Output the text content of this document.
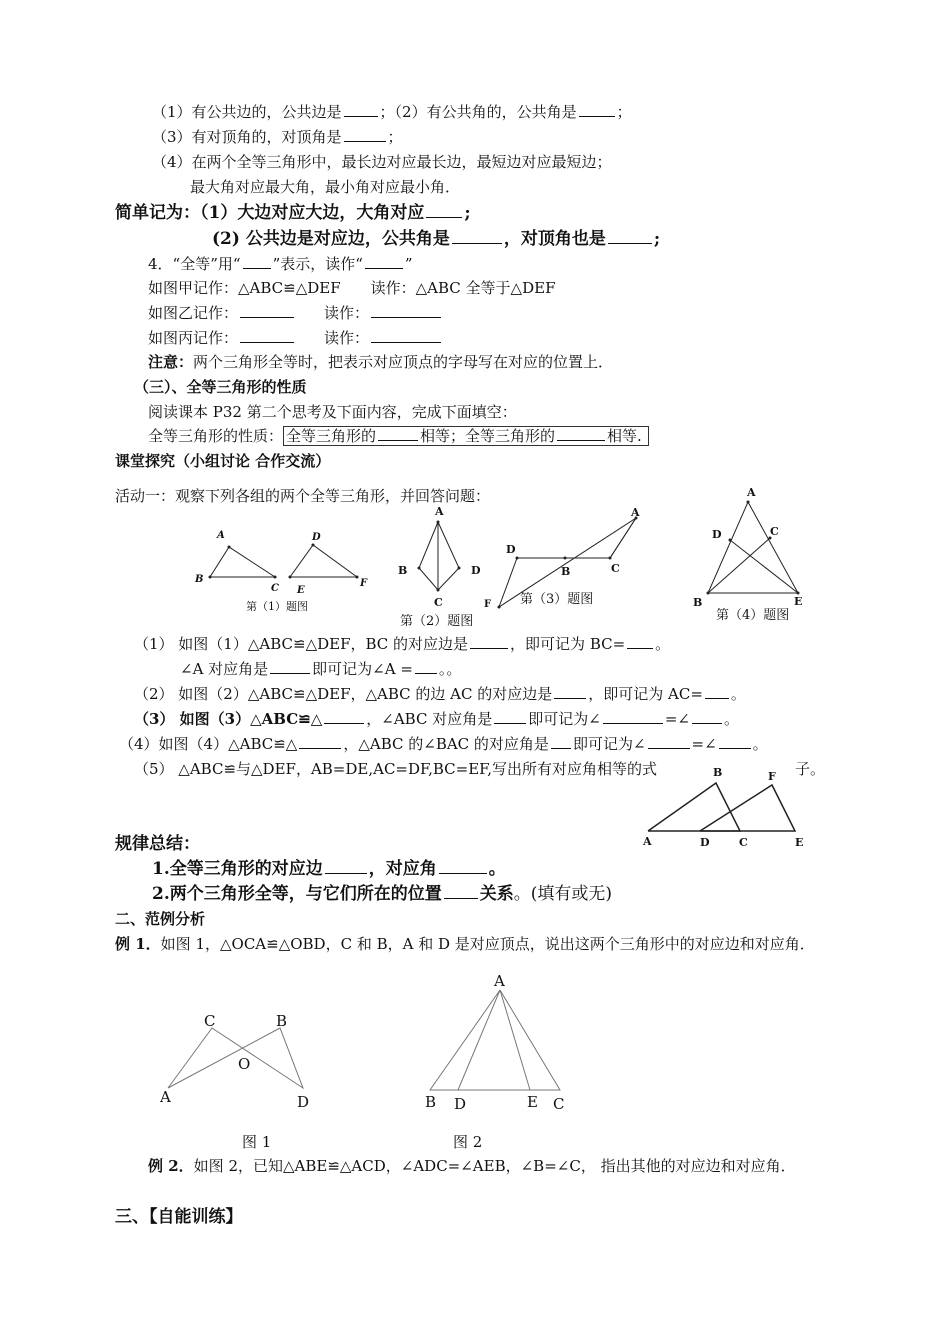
（1）有公共边的，公共边是	；（2）有公共角的，公共角是	；
（3）有对顶角的，对顶角是	；
（4）在两个全等三角形中，最长边对应最长边，最短边对应最短边；
最大角对应最大角，最小角对应最小角．
简单记为：（1）大边对应大边，大角对应 ;
(2) 公共边是对应边，公共角是	，对顶角也是	;
4．“全等”用“ ”表示，读作“	”
如图甲记作：△ABC≌△DEF 读作：△ABC 全等于△DEF
如图乙记作：	读作：
如图丙记作：	读作：
注意：两个三角形全等时，把表示对应顶点的字母写在对应的位置上．
（三）、全等三角形的性质
阅读课本 P32 第二个思考及下面内容，完成下面填空：
全等三角形的性质： 全等三角形的	相等；全等三角形的	相等.
课堂探究（小组讨论 合作交流）
活动一：观察下列各组的两个全等三角形，并回答问题：
A
B
C
D
E
F
第（1）题图
A
B
C
D
第（2）题图
D
A
B	C
F 第（3）题图
A
D	C
B	E
第（4）题图
（1） 如图（1）△ABC≌△DEF，BC 的对应边是	，即可记为 BC= 。
∠A 对应角是	即可记为∠A = 。。
（2） 如图（2）△ABC≌△DEF，△ABC 的边 AC 的对应边是 ，即可记为 AC= 。
（3） 如图（3）△ABC≌△	，∠ABC 对应角是 即可记为∠	=∠ 。
（4）如图（4）△ABC≌△	，△ABC 的∠BAC 的对应角是 即可记为∠	=∠ 。
（5） △ABC≌与△DEF，AB=DE,AC=DF,BC=EF,写出所有对应角相等的式	子。
B	F
A	D	C	E
规律总结：
1.全等三角形的对应边	，对应角	。
2.两个三角形全等，与它们所在的位置 关系。(填有或无)
二、范例分析
例 1．如图 1，△OCA≌△OBD，C 和 B，A 和 D 是对应顶点，说出这两个三角形中的对应边和对应角．
C	B
O
A	D
A
B D	E C
图 1	图 2
例 2．如图 2，已知△ABE≌△ACD，∠ADC=∠AEB，∠B=∠C， 指出其他的对应边和对应角．
三、【自能训练】
